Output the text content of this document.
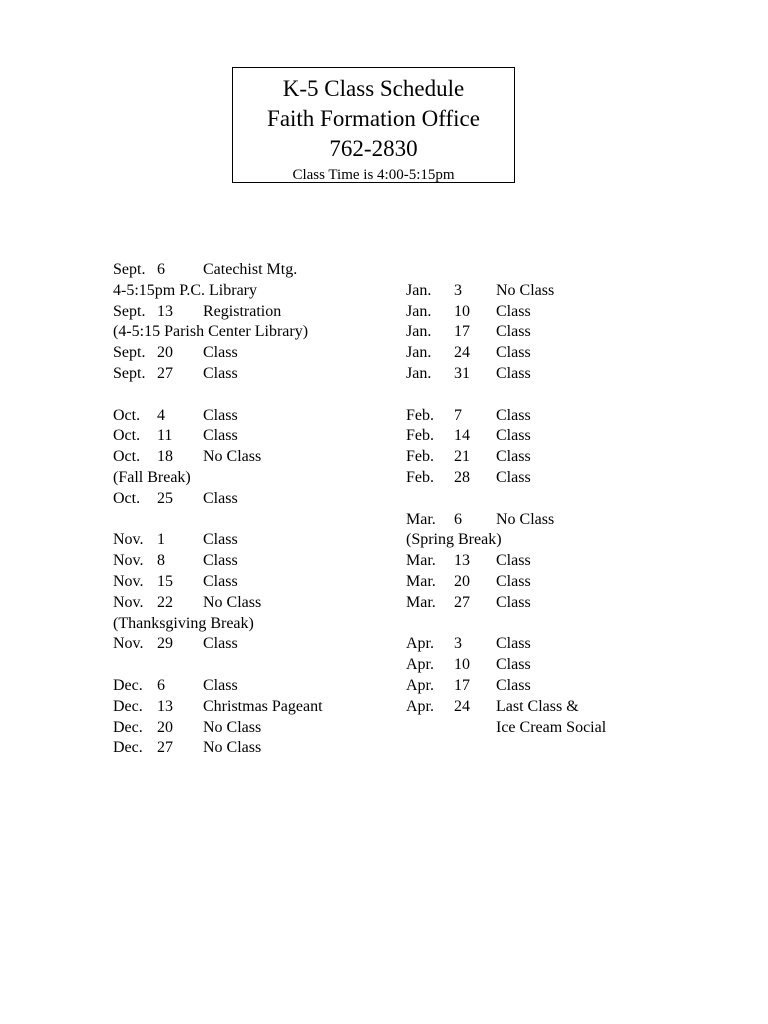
K-5 Class Schedule
Faith Formation Office
762-2830
Class Time is 4:00-5:15pm
Sept. 6 Catechist Mtg.
4-5:15pm P.C. Library
Sept. 13 Registration
(4-5:15 Parish Center Library)
Sept. 20 Class
Sept. 27 Class
Oct. 4 Class
Oct. 11 Class
Oct. 18 No Class
(Fall Break)
Oct. 25 Class
Nov. 1 Class
Nov. 8 Class
Nov. 15 Class
Nov. 22 No Class
(Thanksgiving Break)
Nov. 29 Class
Dec. 6 Class
Dec. 13 Christmas Pageant
Dec. 20 No Class
Dec. 27 No Class
Jan. 3 No Class
Jan. 10 Class
Jan. 17 Class
Jan. 24 Class
Jan. 31 Class
Feb. 7 Class
Feb. 14 Class
Feb. 21 Class
Feb. 28 Class
Mar. 6 No Class
(Spring Break)
Mar. 13 Class
Mar. 20 Class
Mar. 27 Class
Apr. 3 Class
Apr. 10 Class
Apr. 17 Class
Apr. 24 Last Class &
Ice Cream Social
